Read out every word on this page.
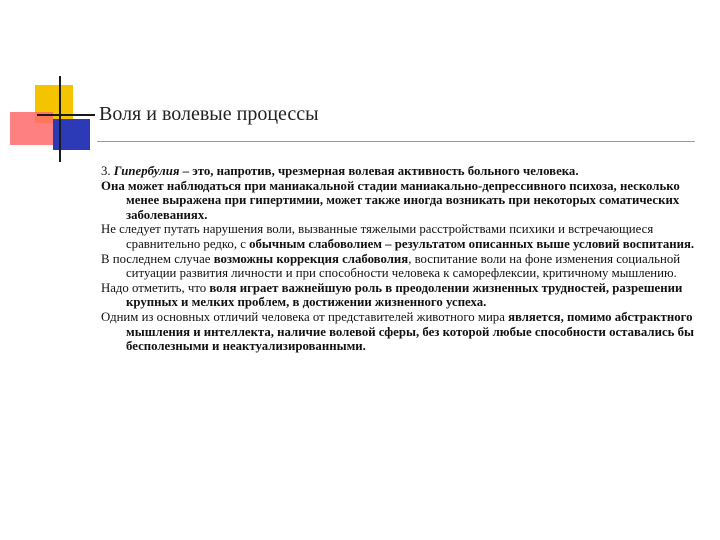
Воля и волевые процессы

3. Гипербулия – это, напротив, чрезмерная волевая активность больного человека.

Она может наблюдаться при маниакальной стадии маниакально-депрессивного психоза, несколько менее выражена при гипертимии, может также иногда возникать при некоторых соматических заболеваниях.

Не следует путать нарушения воли, вызванные тяжелыми расстройствами психики и встречающиеся сравнительно редко, с обычным слабоволием – результатом описанных выше условий воспитания.

В последнем случае возможны коррекция слабоволия, воспитание воли на фоне изменения социальной ситуации развития личности и при способности человека к саморефлексии, критичному мышлению.

Надо отметить, что воля играет важнейшую роль в преодолении жизненных трудностей, разрешении крупных и мелких проблем, в достижении жизненного успеха.

Одним из основных отличий человека от представителей животного мира является, помимо абстрактного мышления и интеллекта, наличие волевой сферы, без которой любые способности оставались бы бесполезными и неактуализированными.
